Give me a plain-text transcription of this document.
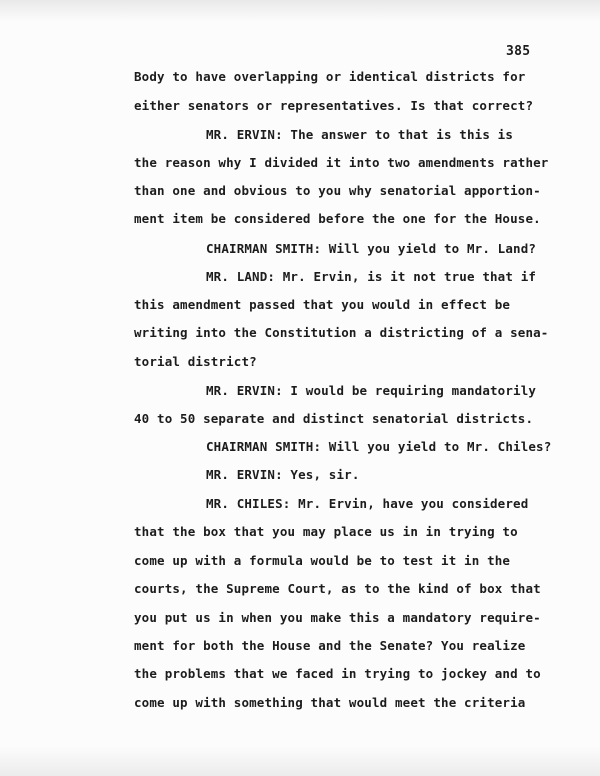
385
Body to have overlapping or identical districts for
either senators or representatives. Is that correct?
MR. ERVIN: The answer to that is this is
the reason why I divided it into two amendments rather
than one and obvious to you why senatorial apportion-
ment item be considered before the one for the House.
CHAIRMAN SMITH: Will you yield to Mr. Land?
MR. LAND: Mr. Ervin, is it not true that if
this amendment passed that you would in effect be
writing into the Constitution a districting of a sena-
torial district?
MR. ERVIN: I would be requiring mandatorily
40 to 50 separate and distinct senatorial districts.
CHAIRMAN SMITH: Will you yield to Mr. Chiles?
MR. ERVIN: Yes, sir.
MR. CHILES: Mr. Ervin, have you considered
that the box that you may place us in in trying to
come up with a formula would be to test it in the
courts, the Supreme Court, as to the kind of box that
you put us in when you make this a mandatory require-
ment for both the House and the Senate? You realize
the problems that we faced in trying to jockey and to
come up with something that would meet the criteria
